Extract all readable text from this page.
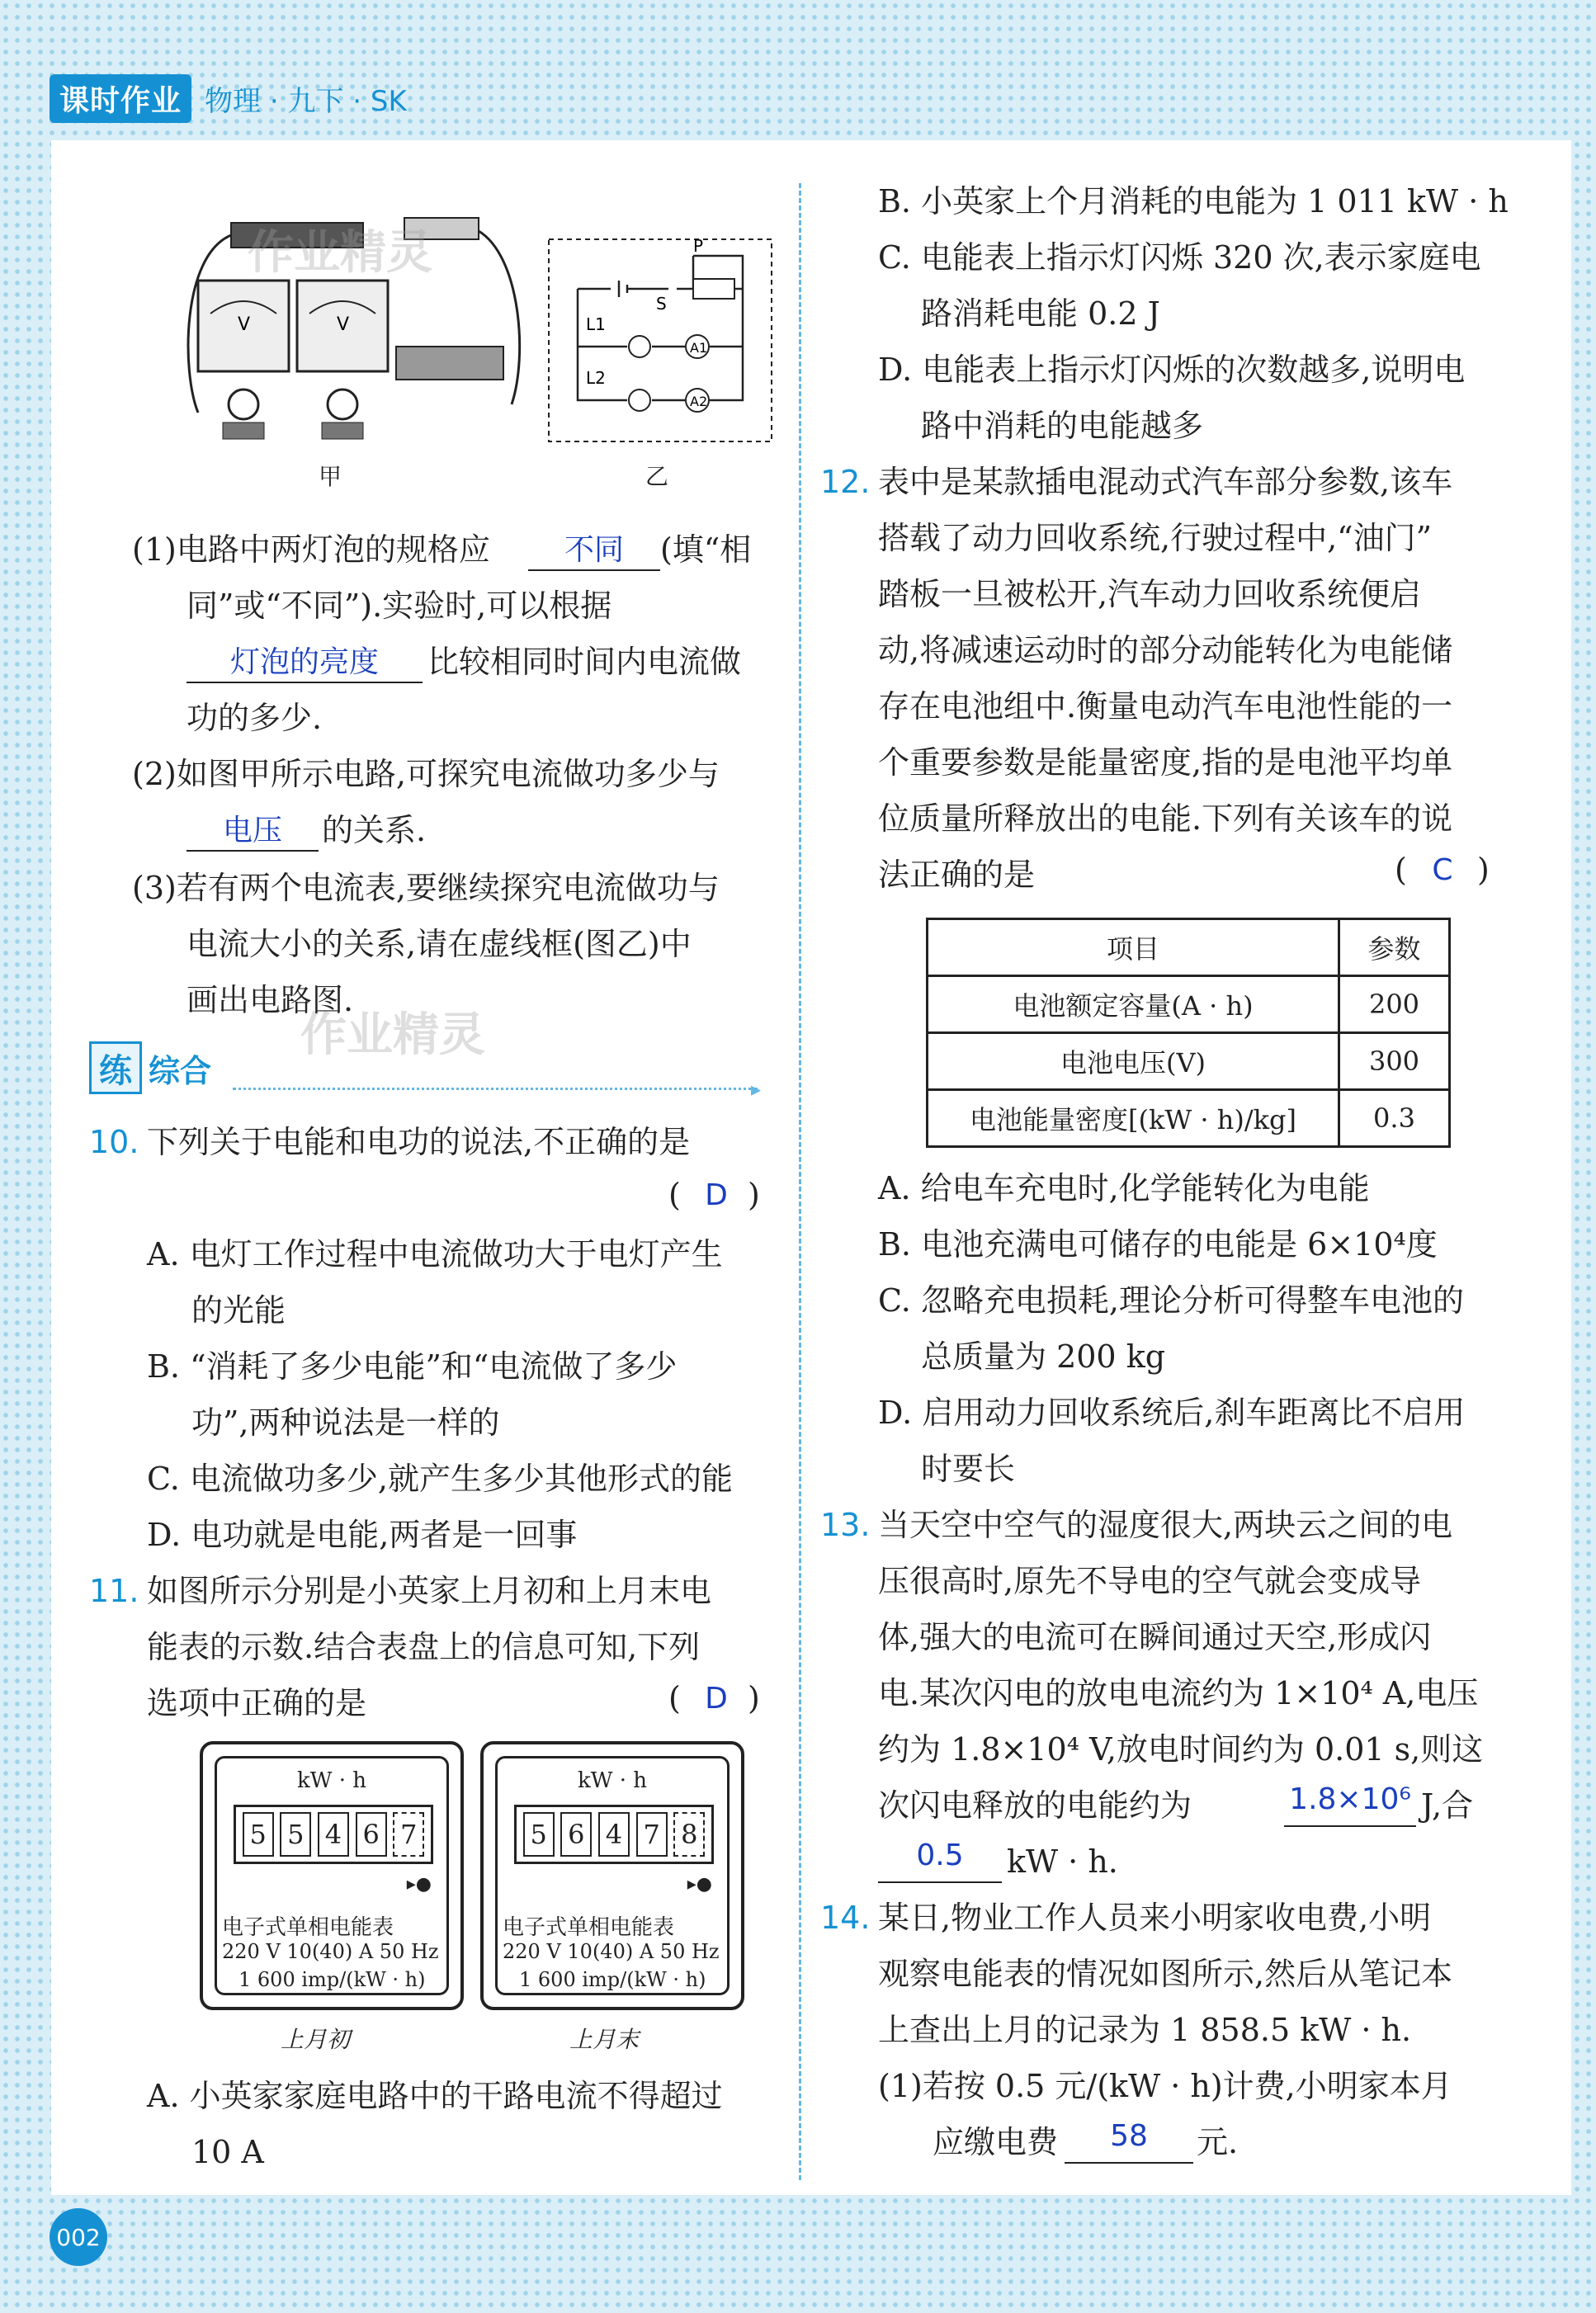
课时作业 物理 · 九下 · SK
V	V
P
S
L1
L2
A1
A2
甲	乙
作业精灵
作业精灵
(1)电路中两灯泡的规格应	不同	(填“相
同”或“不同”).实验时,可以根据
灯泡的亮度	比较相同时间内电流做
功的多少.
(2)如图甲所示电路,可探究电流做功多少与
电压	的关系.
(3)若有两个电流表,要继续探究电流做功与
电流大小的关系,请在虚线框(图乙)中
画出电路图.
练 综合
▸
10. 下列关于电能和电功的说法,不正确的是
( D )
A. 电灯工作过程中电流做功大于电灯产生
的光能
B. “消耗了多少电能”和“电流做了多少
功”,两种说法是一样的
C. 电流做功多少,就产生多少其他形式的能
D. 电功就是电能,两者是一回事
11. 如图所示分别是小英家上月初和上月末电
能表的示数.结合表盘上的信息可知,下列
选项中正确的是	( D )
kW · h
5 5 4 6 7
▸●
电子式单相电能表
220 V 10(40) A 50 Hz
1 600 imp/(kW · h)
上月初
kW · h
5 6 4 7 8
▸●
电子式单相电能表
220 V 10(40) A 50 Hz
1 600 imp/(kW · h)
上月末
A. 小英家家庭电路中的干路电流不得超过
10 A
B. 小英家上个月消耗的电能为 1 011 kW · h
C. 电能表上指示灯闪烁 320 次,表示家庭电
路消耗电能 0.2 J
D. 电能表上指示灯闪烁的次数越多,说明电
路中消耗的电能越多
12. 表中是某款插电混动式汽车部分参数,该车
搭载了动力回收系统,行驶过程中,“油门”
踏板一旦被松开,汽车动力回收系统便启
动,将减速运动时的部分动能转化为电能储
存在电池组中.衡量电动汽车电池性能的一
个重要参数是能量密度,指的是电池平均单
位质量所释放出的电能.下列有关该车的说
法正确的是	( C )
项目	参数
电池额定容量(A · h)	200
电池电压(V)	300
电池能量密度[(kW · h)/kg]	0.3
A. 给电车充电时,化学能转化为电能
B. 电池充满电可储存的电能是 6×10⁴度
C. 忽略充电损耗,理论分析可得整车电池的
总质量为 200 kg
D. 启用动力回收系统后,刹车距离比不启用
时要长
13. 当天空中空气的湿度很大,两块云之间的电
压很高时,原先不导电的空气就会变成导
体,强大的电流可在瞬间通过天空,形成闪
电.某次闪电的放电电流约为 1×10⁴ A,电压
约为 1.8×10⁴ V,放电时间约为 0.01 s,则这
次闪电释放的电能约为	1.8×10⁶ J,合
0.5	kW · h.
14. 某日,物业工作人员来小明家收电费,小明
观察电能表的情况如图所示,然后从笔记本
上查出上月的记录为 1 858.5 kW · h.
(1)若按 0.5 元/(kW · h)计费,小明家本月
应缴电费	58	元.
002
